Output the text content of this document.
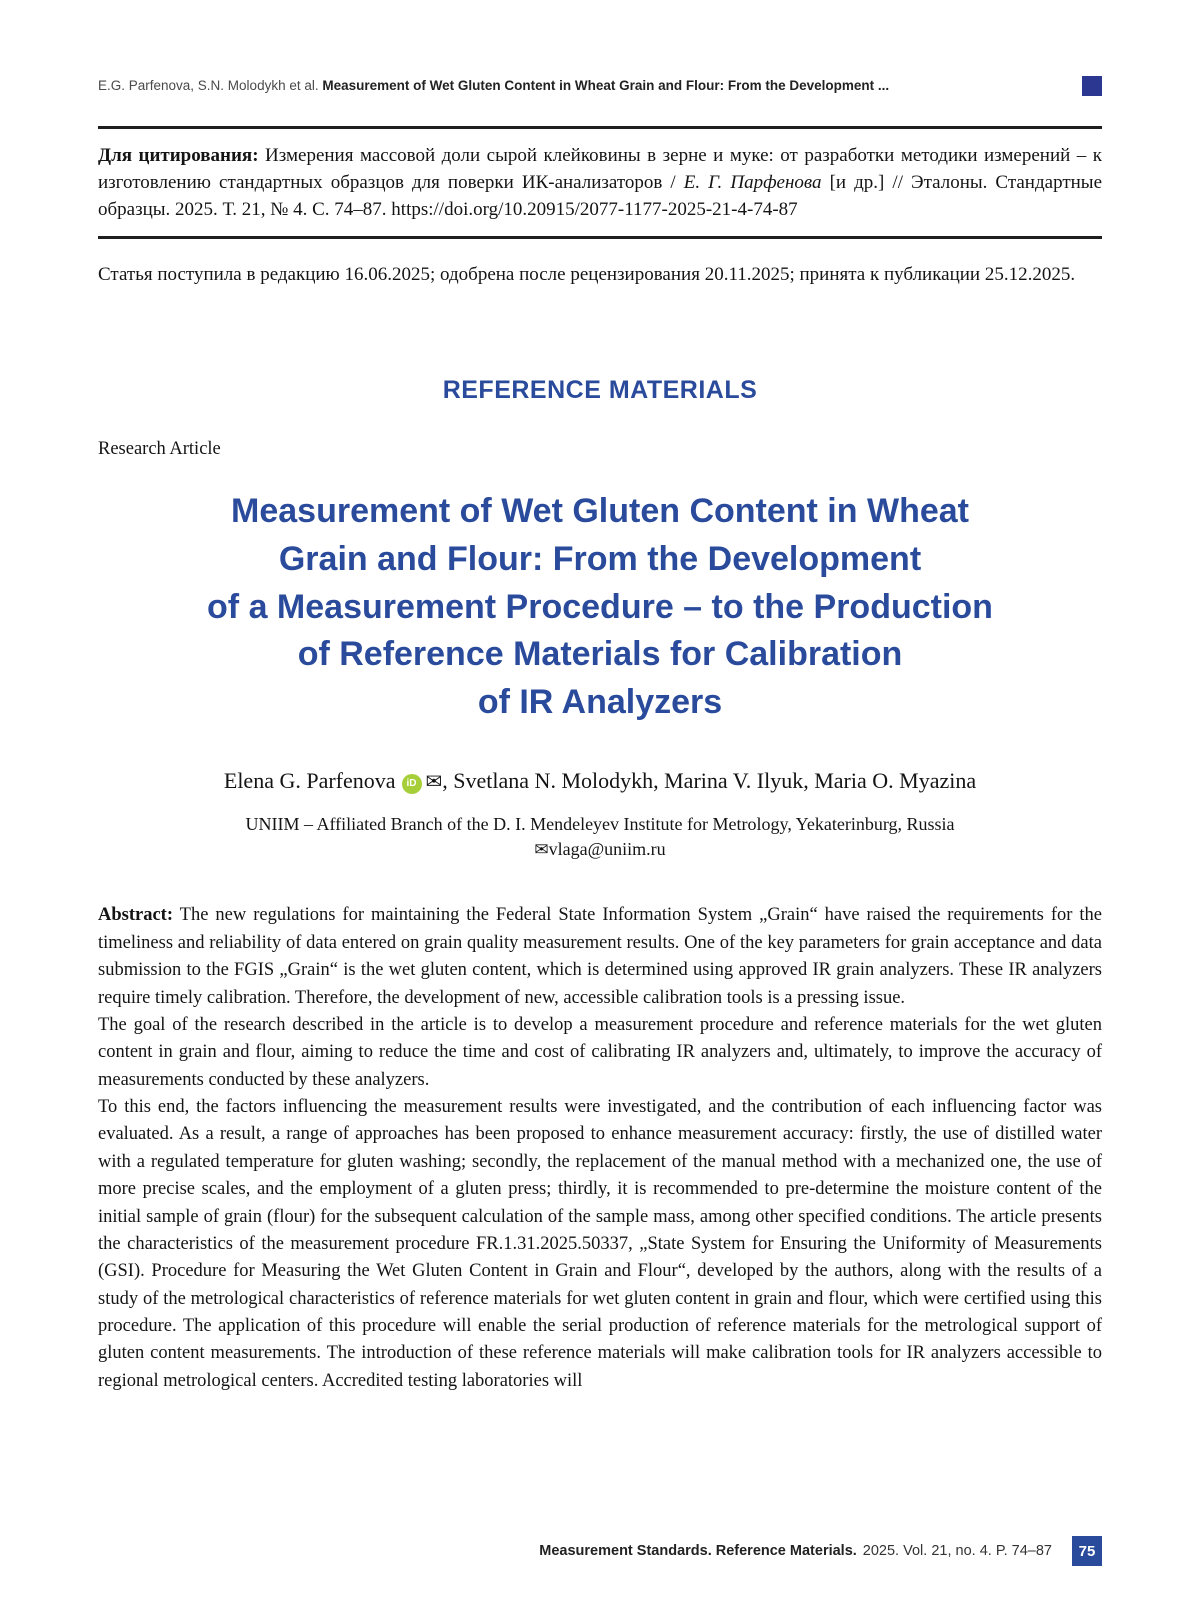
E.G. Parfenova, S.N. Molodykh et al. Measurement of Wet Gluten Content in Wheat Grain and Flour: From the Development ...

Для цитирования: Измерения массовой доли сырой клейковины в зерне и муке: от разработки методики измерений – к изготовлению стандартных образцов для поверки ИК-анализаторов / Е. Г. Парфенова [и др.] // Эталоны. Стандартные образцы. 2025. Т. 21, № 4. С. 74–87. https://doi.org/10.20915/2077-1177-2025-21-4-74-87

Статья поступила в редакцию 16.06.2025; одобрена после рецензирования 20.11.2025; принята к публикации 25.12.2025.

REFERENCE MATERIALS

Research Article

Measurement of Wet Gluten Content in Wheat
Grain and Flour: From the Development
of a Measurement Procedure – to the Production
of Reference Materials for Calibration
of IR Analyzers

Elena G. Parfenova iD ✉, Svetlana N. Molodykh, Marina V. Ilyuk, Maria O. Myazina

UNIIM – Affiliated Branch of the D. I. Mendeleyev Institute for Metrology, Yekaterinburg, Russia

✉vlaga@uniim.ru

Abstract: The new regulations for maintaining the Federal State Information System „Grain“ have raised the requirements for the timeliness and reliability of data entered on grain quality measurement results. One of the key parameters for grain acceptance and data submission to the FGIS „Grain“ is the wet gluten content, which is determined using approved IR grain analyzers. These IR analyzers require timely calibration. Therefore, the development of new, accessible calibration tools is a pressing issue.

The goal of the research described in the article is to develop a measurement procedure and reference materials for the wet gluten content in grain and flour, aiming to reduce the time and cost of calibrating IR analyzers and, ultimately, to improve the accuracy of measurements conducted by these analyzers.

To this end, the factors influencing the measurement results were investigated, and the contribution of each influencing factor was evaluated. As a result, a range of approaches has been proposed to enhance measurement accuracy: firstly, the use of distilled water with a regulated temperature for gluten washing; secondly, the replacement of the manual method with a mechanized one, the use of more precise scales, and the employment of a gluten press; thirdly, it is recommended to pre-determine the moisture content of the initial sample of grain (flour) for the subsequent calculation of the sample mass, among other specified conditions. The article presents the characteristics of the measurement procedure FR.1.31.2025.50337, „State System for Ensuring the Uniformity of Measurements (GSI). Procedure for Measuring the Wet Gluten Content in Grain and Flour“, developed by the authors, along with the results of a study of the metrological characteristics of reference materials for wet gluten content in grain and flour, which were certified using this procedure. The application of this procedure will enable the serial production of reference materials for the metrological support of gluten content measurements. The introduction of these reference materials will make calibration tools for IR analyzers accessible to regional metrological centers. Accredited testing laboratories will

Measurement Standards. Reference Materials. 2025. Vol. 21, no. 4. P. 74–87	75
